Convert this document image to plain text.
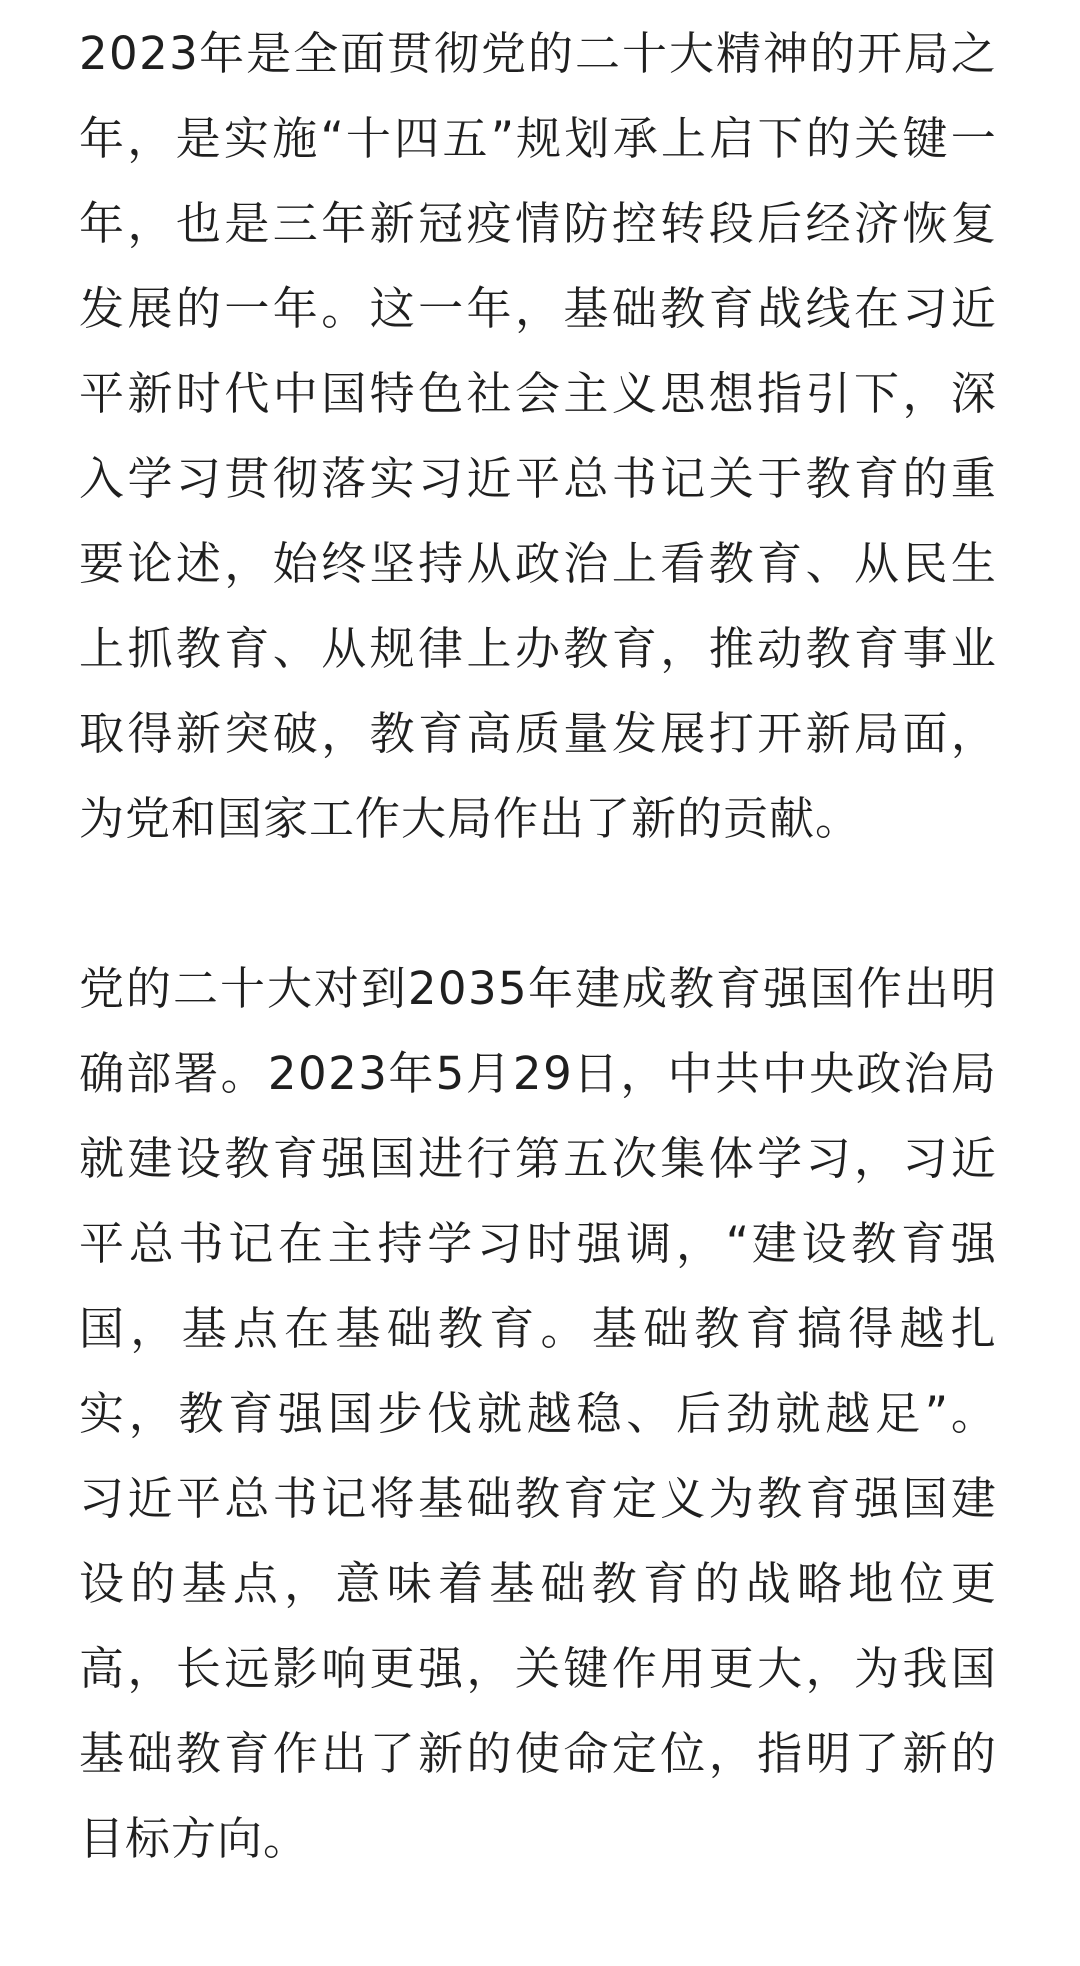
2 0 2 3 年 是 全 面 贯 彻 党 的 二 十 大 精 神 的 开 局 之
年 ， 是 实 施 “ 十 四 五 ” 规 划 承 上 启 下 的 关 键 一
年 ， 也 是 三 年 新 冠 疫 情 防 控 转 段 后 经 济 恢 复
发 展 的 一 年 。 这 一 年 ， 基 础 教 育 战 线 在 习 近
平 新 时 代 中 国 特 色 社 会 主 义 思 想 指 引 下 ， 深
入 学 习 贯 彻 落 实 习 近 平 总 书 记 关 于 教 育 的 重
要 论 述 ， 始 终 坚 持 从 政 治 上 看 教 育 、 从 民 生
上 抓 教 育 、 从 规 律 上 办 教 育 ， 推 动 教 育 事 业
取 得 新 突 破 ， 教 育 高 质 量 发 展 打 开 新 局 面 ，
为党和国家工作大局作出了新的贡献。

党 的 二 十 大 对 到 2 0 3 5 年 建 成 教 育 强 国 作 出 明
确 部 署 。 2 0 2 3 年 5 月 2 9 日 ， 中 共 中 央 政 治 局
就 建 设 教 育 强 国 进 行 第 五 次 集 体 学 习 ， 习 近
平 总 书 记 在 主 持 学 习 时 强 调 ， “ 建 设 教 育 强
国 ， 基 点 在 基 础 教 育 。 基 础 教 育 搞 得 越 扎
实 ， 教 育 强 国 步 伐 就 越 稳 、 后 劲 就 越 足 ” 。
习 近 平 总 书 记 将 基 础 教 育 定 义 为 教 育 强 国 建
设 的 基 点 ， 意 味 着 基 础 教 育 的 战 略 地 位 更
高 ， 长 远 影 响 更 强 ， 关 键 作 用 更 大 ， 为 我 国
基 础 教 育 作 出 了 新 的 使 命 定 位 ， 指 明 了 新 的
目标方向。
